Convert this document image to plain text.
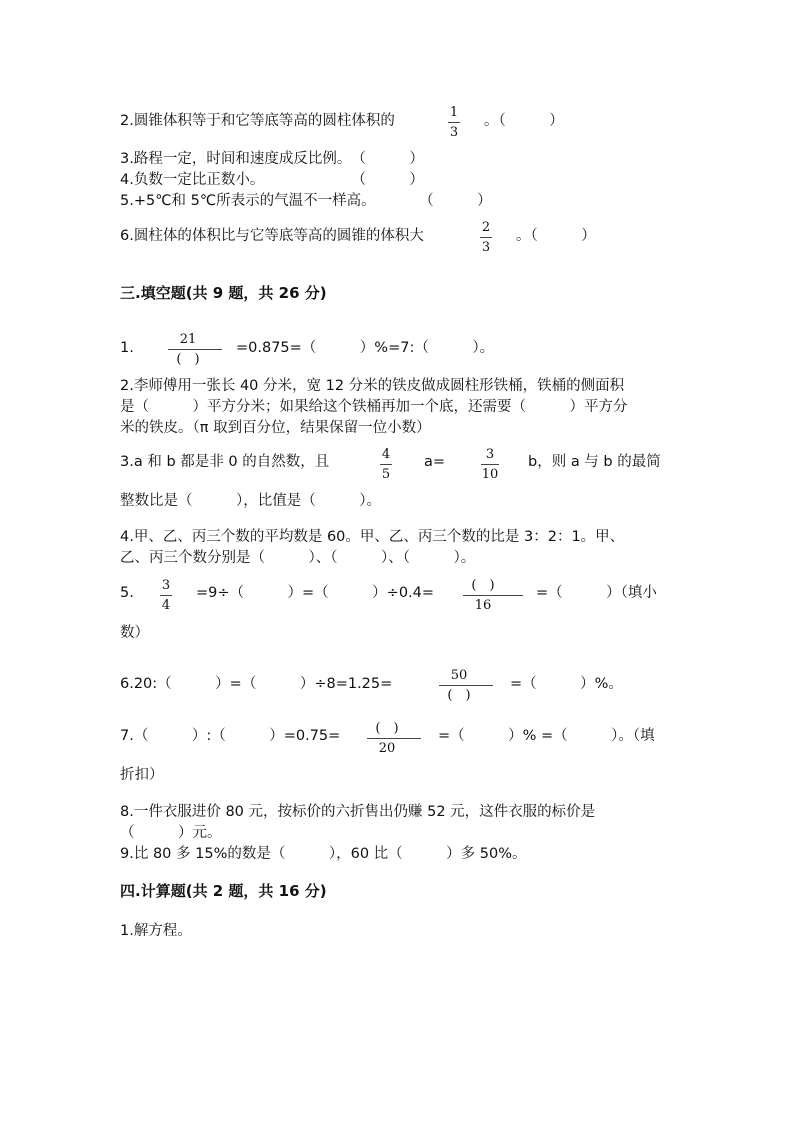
2.圆锥体积等于和它等底等高的圆柱体积的
1
3
。（　　　）
3.路程一定，时间和速度成反比例。　（　　　）
4.负数一定比正数小。　　　　　　　（　　　）
5.+5℃和 5℃所表示的气温不一样高。　　　　（　　　）
6.圆柱体的体积比与它等底等高的圆锥的体积大
2
3
。（　　　）
三.填空题(共 9 题，共 26 分)
1.
21
(　)
=0.875=（　　　）%=7:（　　　）。
2.李师傅用一张长 40 分米，宽 12 分米的铁皮做成圆柱形铁桶，铁桶的侧面积
是（　　　）平方分米；如果给这个铁桶再加一个底，还需要（　　　）平方分
米的铁皮。（π 取到百分位，结果保留一位小数）
3.a 和 b 都是非 0 的自然数，且	4
5
a=	3
10
b，则 a 与 b 的最简
整数比是（　　　），比值是（　　　）。
4.甲、乙、丙三个数的平均数是 60。甲、乙、丙三个数的比是 3：2：1。甲、
乙、丙三个数分别是（　　　）、（　　　）、（　　　）。
5.	3
4
=9÷（　　　）=（　　　）÷0.4=	(　)
16
=（　　　）（填小
数）
6.20:（　　　）=（　　　）÷8=1.25=
50
(　)
=（　　　）%。
7.（　　　）:（　　　）=0.75=	(　)
20
=（　　　）% =（　　　）。（填
折扣）
8.一件衣服进价 80 元，按标价的六折售出仍赚 52 元，这件衣服的标价是
（　　　）元。
9.比 80 多 15%的数是（　　　），60 比（　　　）多 50%。
四.计算题(共 2 题，共 16 分)
1.解方程。
